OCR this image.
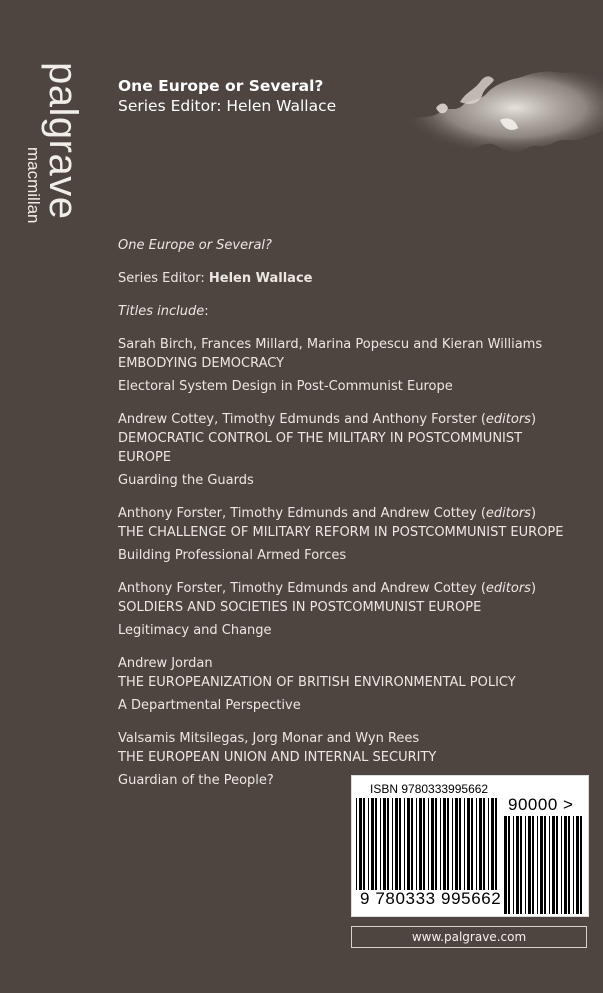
palgrave
macmillan
One Europe or Several?
Series Editor: Helen Wallace

One Europe or Several?

Series Editor: Helen Wallace

Titles include:

Sarah Birch, Frances Millard, Marina Popescu and Kieran Williams
EMBODYING DEMOCRACY
Electoral System Design in Post-Communist Europe
Andrew Cottey, Timothy Edmunds and Anthony Forster (editors)
DEMOCRATIC CONTROL OF THE MILITARY IN POSTCOMMUNIST EUROPE
Guarding the Guards
Anthony Forster, Timothy Edmunds and Andrew Cottey (editors)
THE CHALLENGE OF MILITARY REFORM IN POSTCOMMUNIST EUROPE
Building Professional Armed Forces
Anthony Forster, Timothy Edmunds and Andrew Cottey (editors)
SOLDIERS AND SOCIETIES IN POSTCOMMUNIST EUROPE
Legitimacy and Change
Andrew Jordan
THE EUROPEANIZATION OF BRITISH ENVIRONMENTAL POLICY
A Departmental Perspective
Valsamis Mitsilegas, Jorg Monar and Wyn Rees
THE EUROPEAN UNION AND INTERNAL SECURITY
Guardian of the People?
ISBN 9780333995662
90000 >
9 780333 995662
www.palgrave.com
